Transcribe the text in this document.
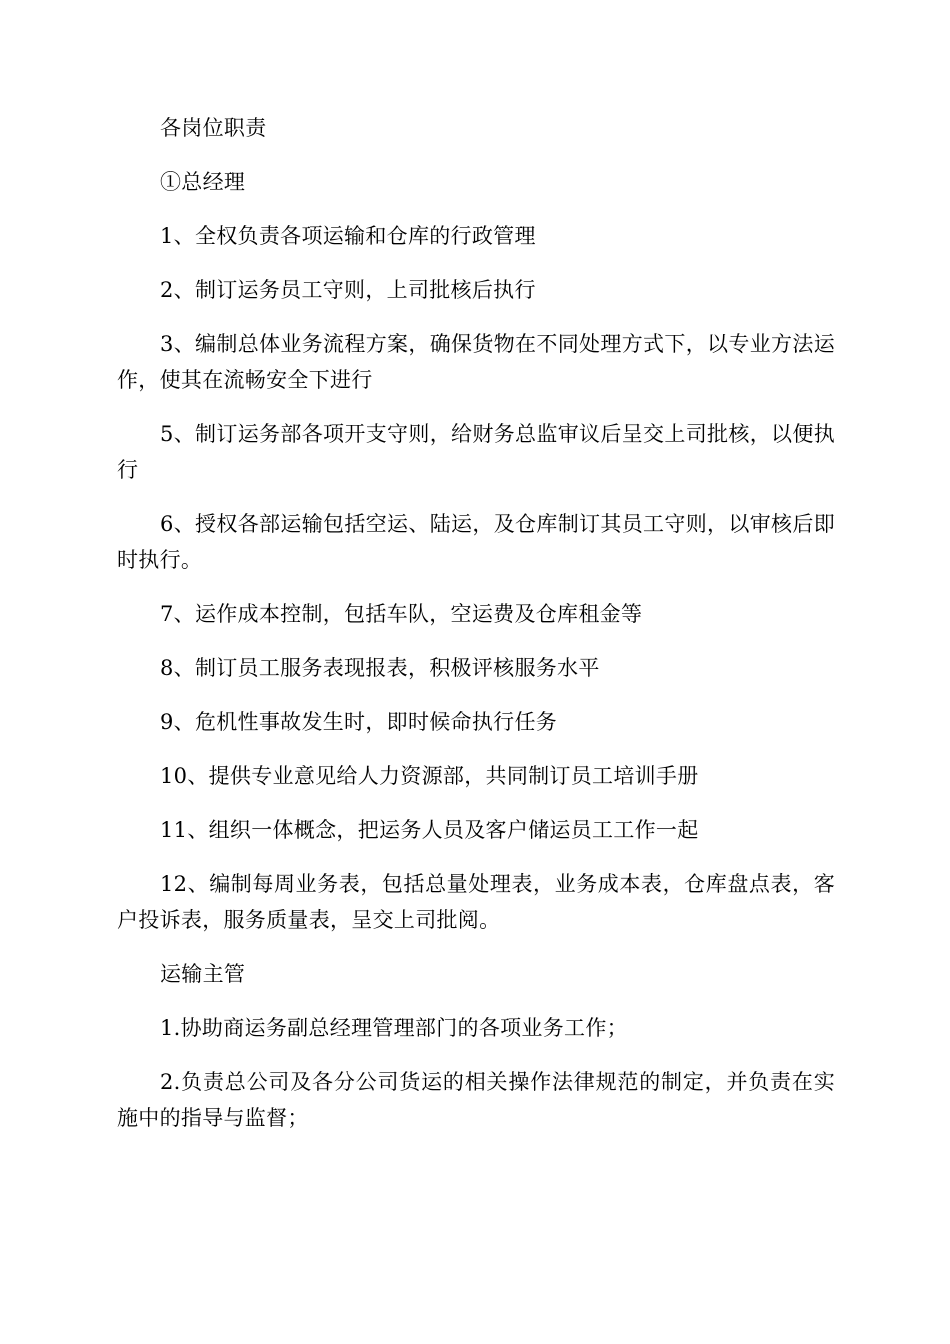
各岗位职责

①总经理

1、全权负责各项运输和仓库的行政管理

2、制订运务员工守则，上司批核后执行

3、编制总体业务流程方案，确保货物在不同处理方式下，以专业方法运作，使其在流畅安全下进行

5、制订运务部各项开支守则，给财务总监审议后呈交上司批核，以便执行

6、授权各部运输包括空运、陆运，及仓库制订其员工守则，以审核后即时执行。

7、运作成本控制，包括车队，空运费及仓库租金等

8、制订员工服务表现报表，积极评核服务水平

9、危机性事故发生时，即时候命执行任务

10、提供专业意见给人力资源部，共同制订员工培训手册

11、组织一体概念，把运务人员及客户储运员工工作一起

12、编制每周业务表，包括总量处理表，业务成本表，仓库盘点表，客户投诉表，服务质量表，呈交上司批阅。

运输主管

1.协助商运务副总经理管理部门的各项业务工作；

2.负责总公司及各分公司货运的相关操作法律规范的制定，并负责在实施中的指导与监督；
